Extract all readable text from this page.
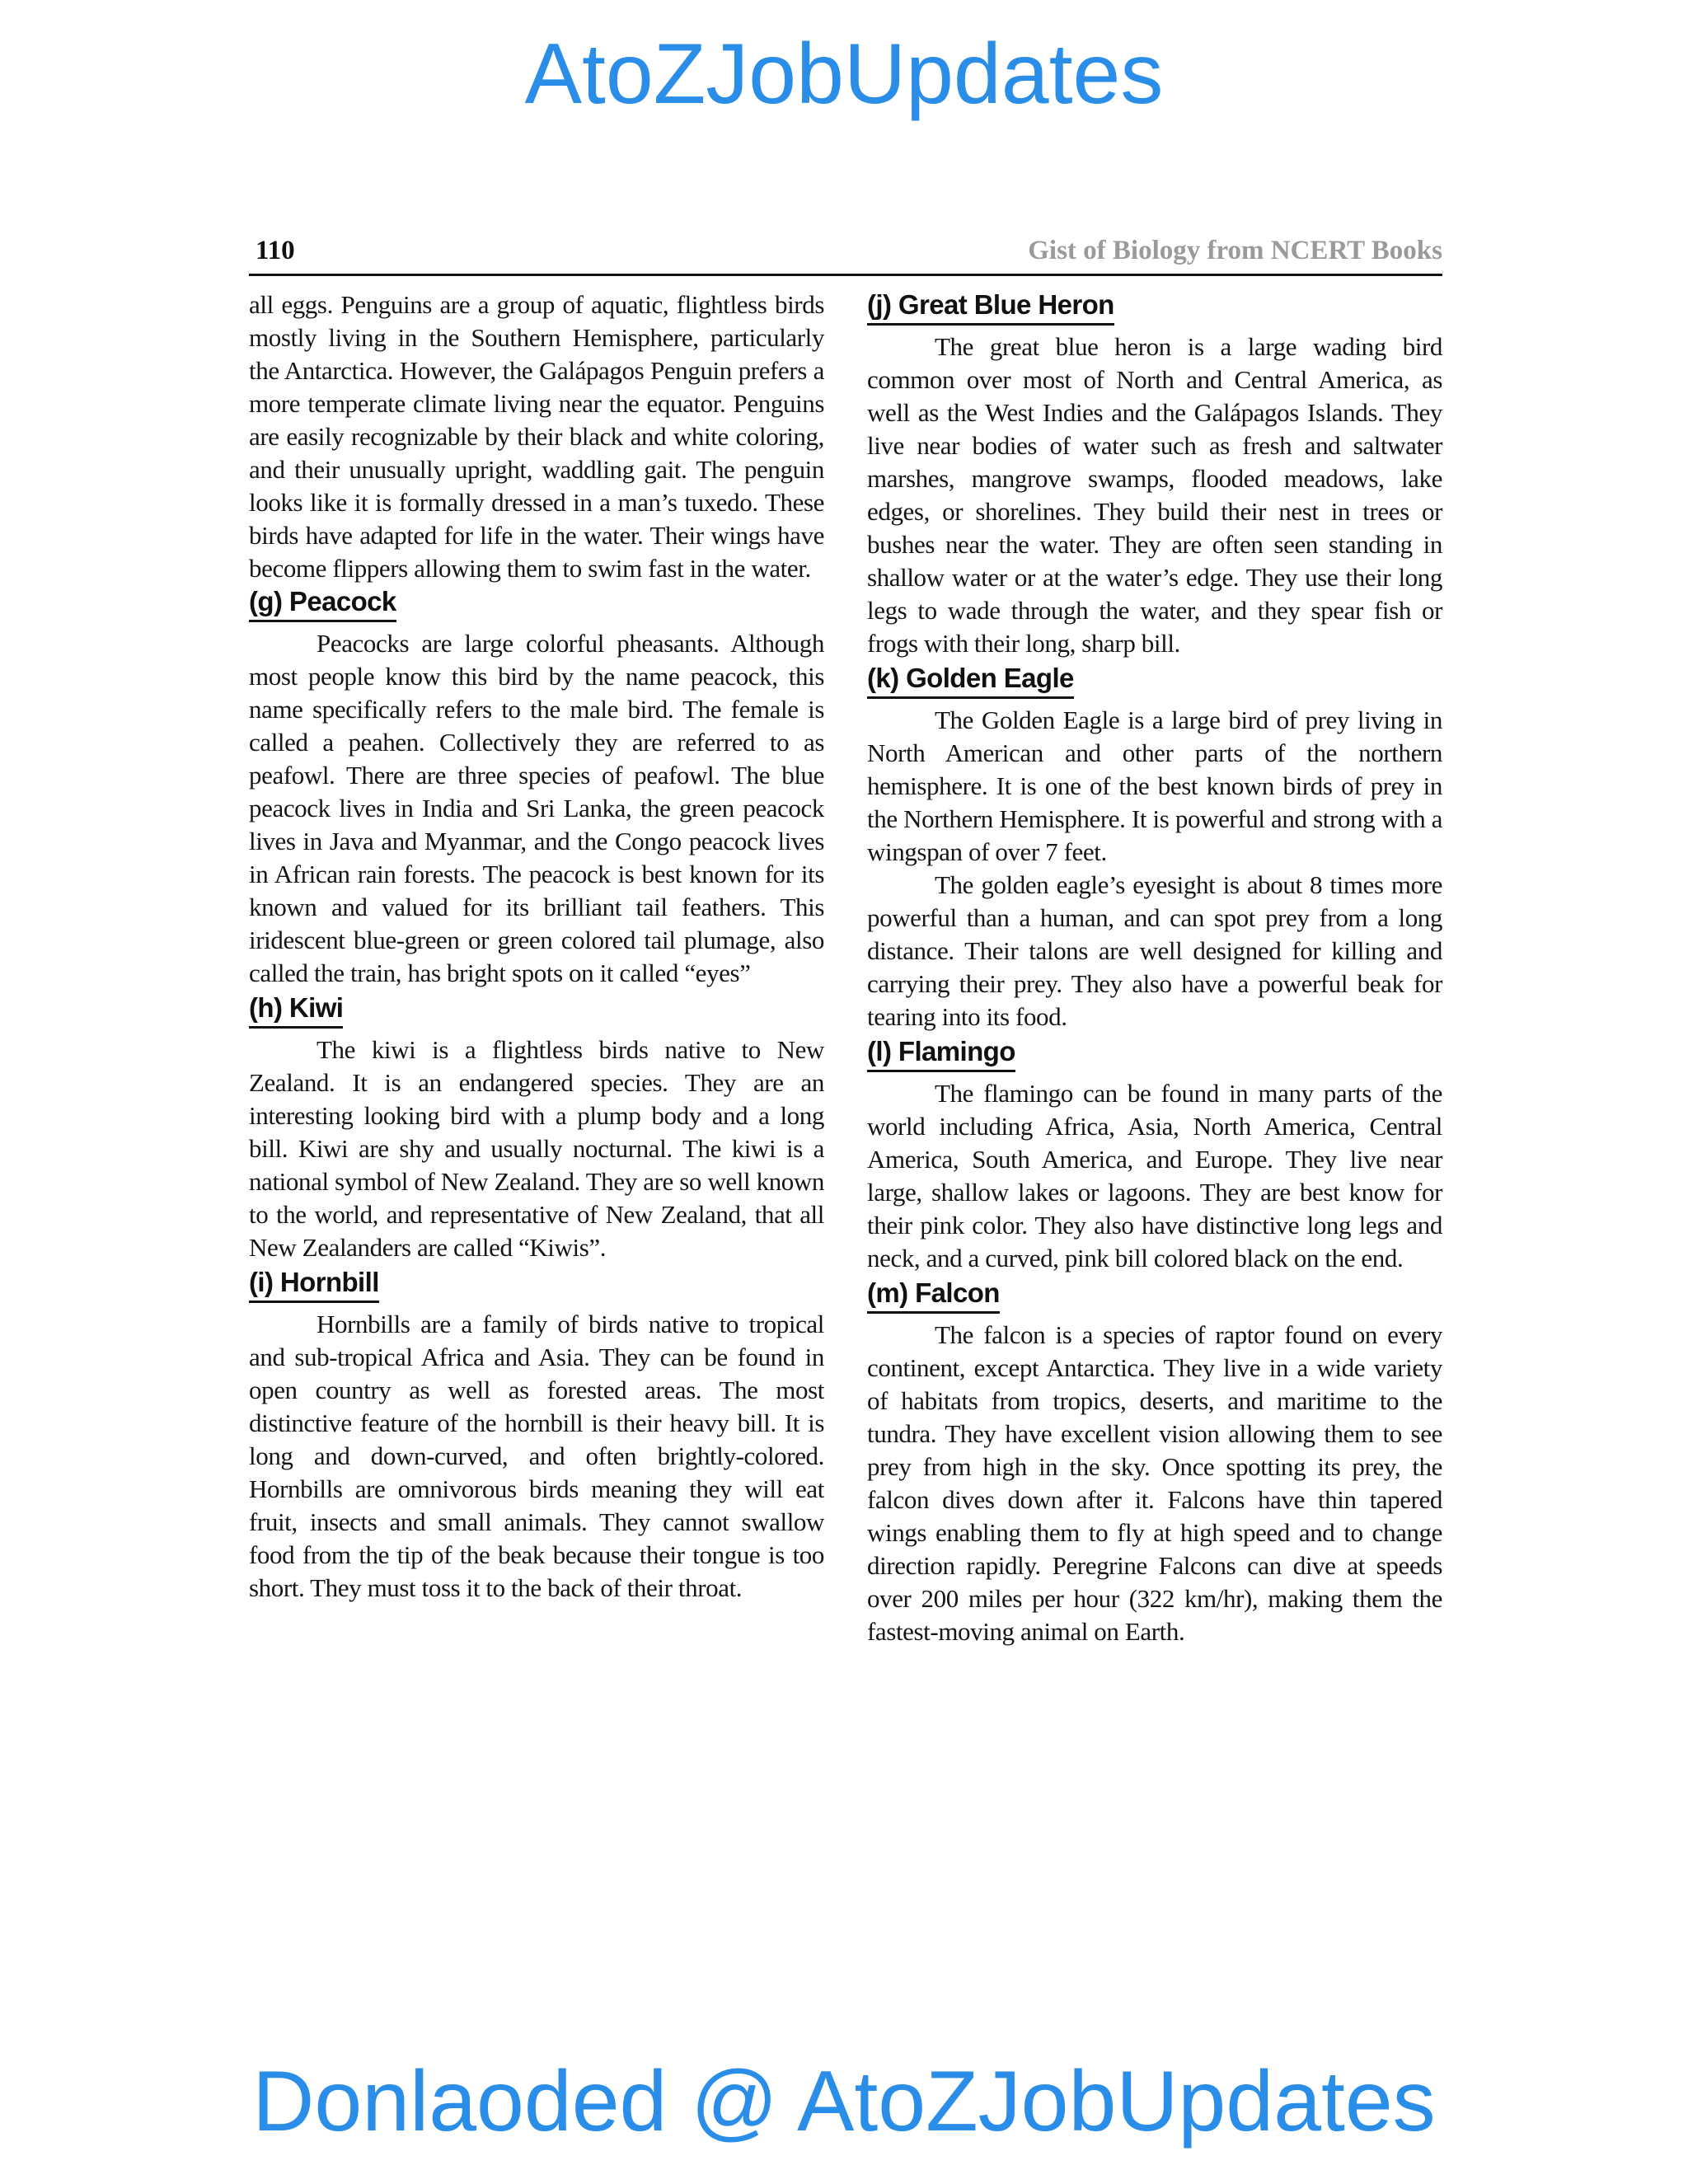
AtoZJobUpdates
110	Gist of Biology from NCERT Books

all eggs. Penguins are a group of aquatic, flightless birds mostly living in the Southern Hemisphere, particularly the Antarctica. However, the Galápagos Penguin prefers a more temperate climate living near the equator. Penguins are easily recognizable by their black and white coloring, and their unusually upright, waddling gait. The penguin looks like it is formally dressed in a man’s tuxedo. These birds have adapted for life in the water. Their wings have become flippers allowing them to swim fast in the water.

(g) Peacock

Peacocks are large colorful pheasants. Although most people know this bird by the name peacock, this name specifically refers to the male bird. The female is called a peahen. Collectively they are referred to as peafowl. There are three species of peafowl. The blue peacock lives in India and Sri Lanka, the green peacock lives in Java and Myanmar, and the Congo peacock lives in African rain forests. The peacock is best known for its known and valued for its brilliant tail feathers. This iridescent blue-green or green colored tail plumage, also called the train, has bright spots on it called “eyes”

(h) Kiwi

The kiwi is a flightless birds native to New Zealand. It is an endangered species. They are an interesting looking bird with a plump body and a long bill. Kiwi are shy and usually nocturnal. The kiwi is a national symbol of New Zealand. They are so well known to the world, and representative of New Zealand, that all New Zealanders are called “Kiwis”.

(i) Hornbill

Hornbills are a family of birds native to tropical and sub-tropical Africa and Asia. They can be found in open country as well as forested areas. The most distinctive feature of the hornbill is their heavy bill. It is long and down-curved, and often brightly-colored. Hornbills are omnivorous birds meaning they will eat fruit, insects and small animals. They cannot swallow food from the tip of the beak because their tongue is too short. They must toss it to the back of their throat.

(j) Great Blue Heron

The great blue heron is a large wading bird common over most of North and Central America, as well as the West Indies and the Galápagos Islands. They live near bodies of water such as fresh and saltwater marshes, mangrove swamps, flooded meadows, lake edges, or shorelines. They build their nest in trees or bushes near the water. They are often seen standing in shallow water or at the water’s edge. They use their long legs to wade through the water, and they spear fish or frogs with their long, sharp bill.

(k) Golden Eagle

The Golden Eagle is a large bird of prey living in North American and other parts of the northern hemisphere. It is one of the best known birds of prey in the Northern Hemisphere. It is powerful and strong with a wingspan of over 7 feet.

The golden eagle’s eyesight is about 8 times more powerful than a human, and can spot prey from a long distance. Their talons are well designed for killing and carrying their prey. They also have a powerful beak for tearing into its food.

(l) Flamingo

The flamingo can be found in many parts of the world including Africa, Asia, North America, Central America, South America, and Europe. They live near large, shallow lakes or lagoons. They are best know for their pink color. They also have distinctive long legs and neck, and a curved, pink bill colored black on the end.

(m) Falcon

The falcon is a species of raptor found on every continent, except Antarctica. They live in a wide variety of habitats from tropics, deserts, and maritime to the tundra. They have excellent vision allowing them to see prey from high in the sky. Once spotting its prey, the falcon dives down after it. Falcons have thin tapered wings enabling them to fly at high speed and to change direction rapidly. Peregrine Falcons can dive at speeds over 200 miles per hour (322 km/hr), making them the fastest-moving animal on Earth.

Donlaoded @ AtoZJobUpdates
